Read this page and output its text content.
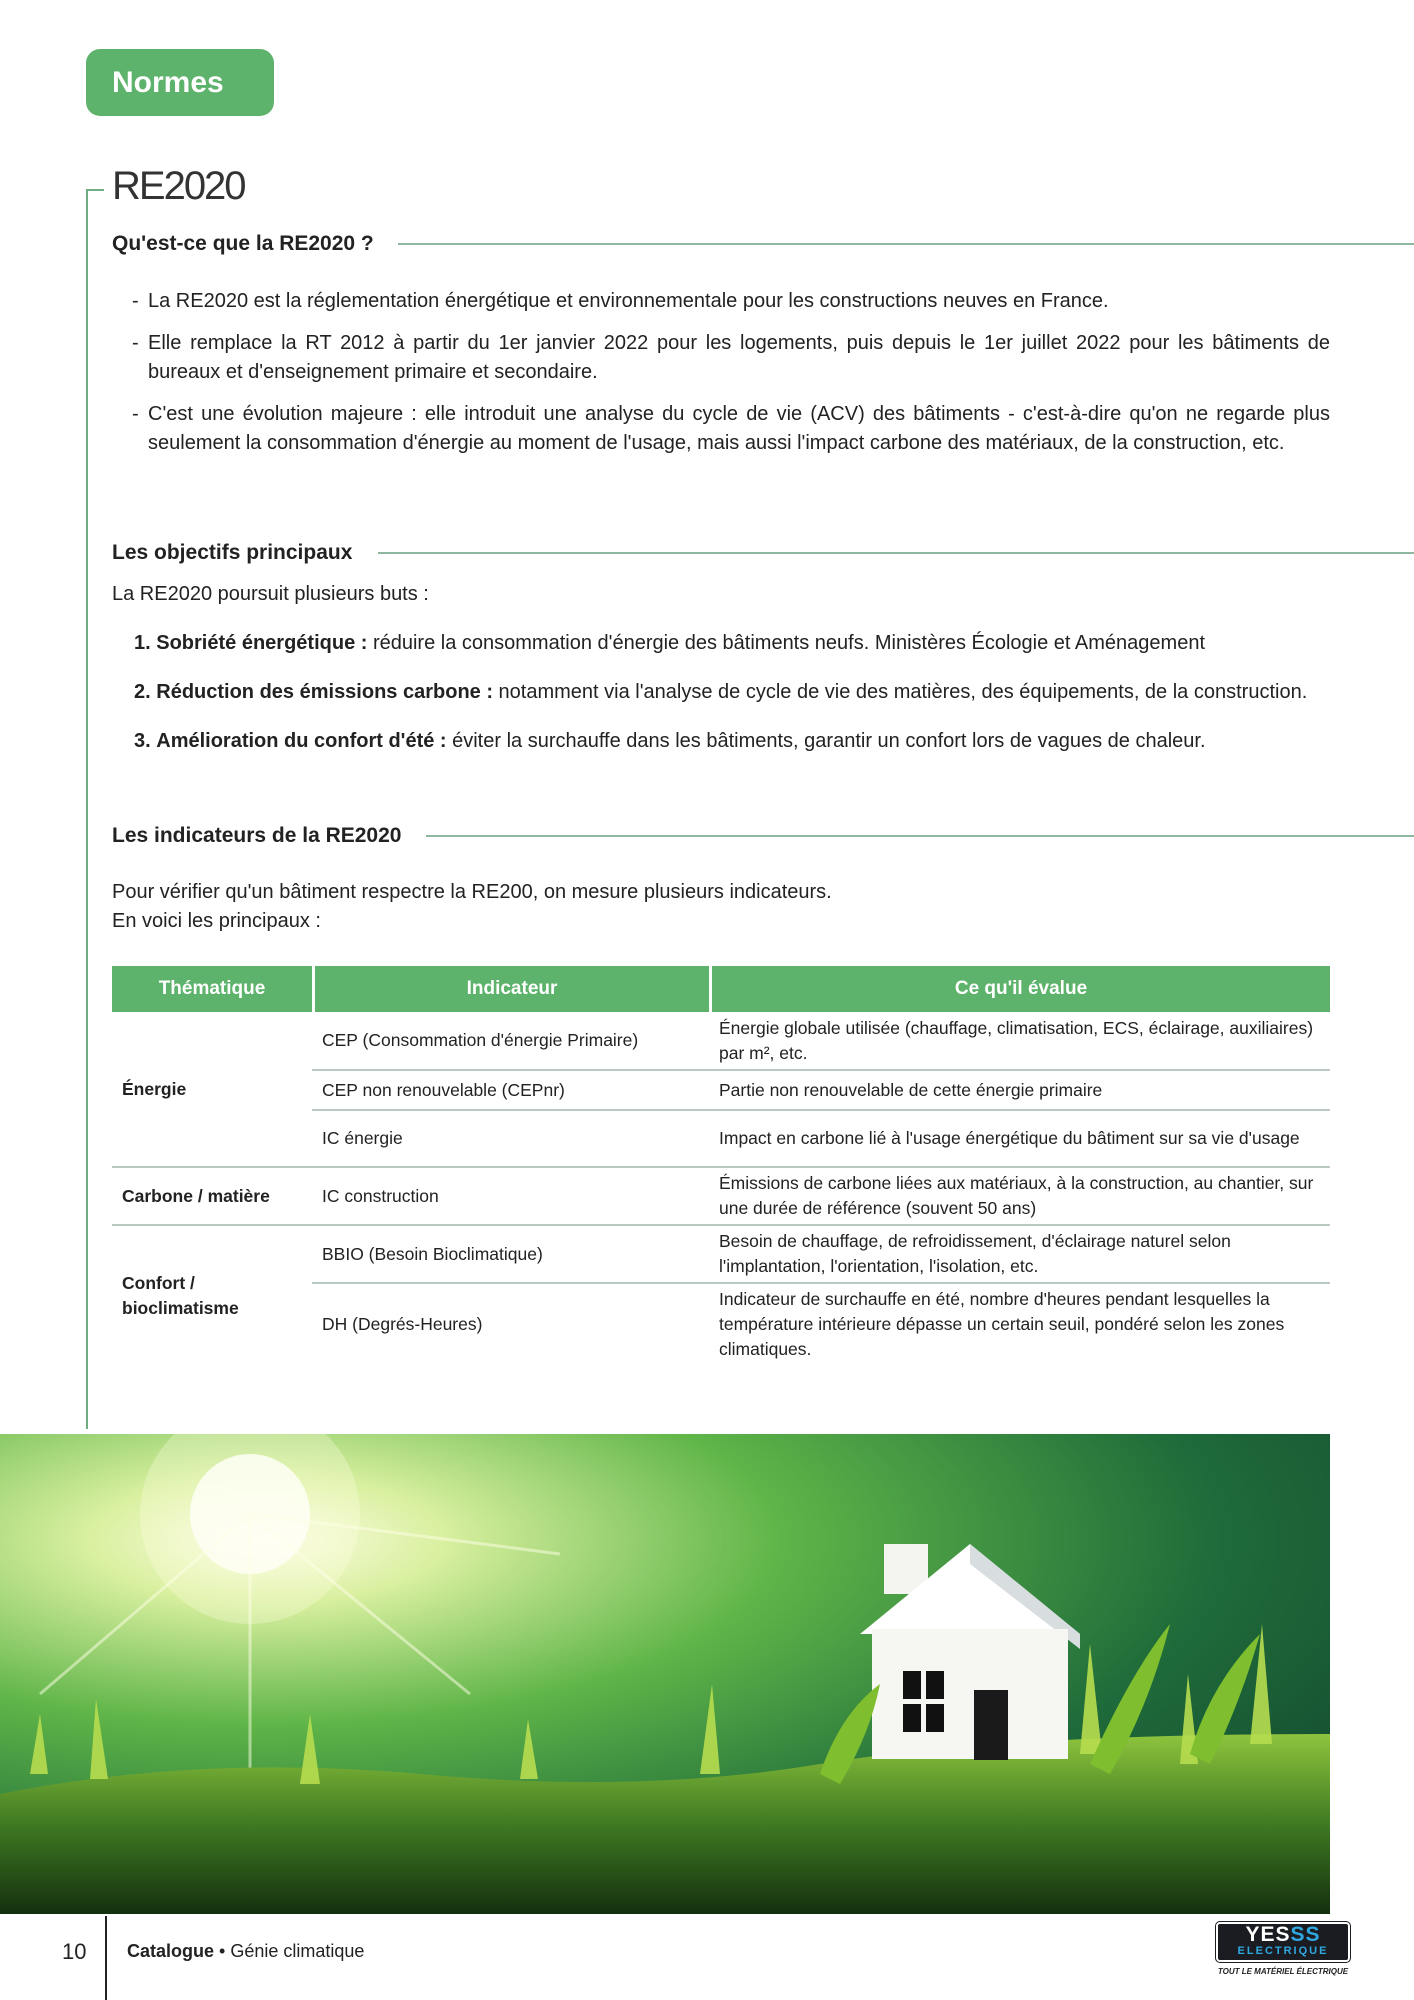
Normes
RE2020
Qu'est-ce que la RE2020 ?
- La RE2020 est la réglementation énergétique et environnementale pour les constructions neuves en France.
- Elle remplace la RT 2012 à partir du 1er janvier 2022 pour les logements, puis depuis le 1er juillet 2022 pour les bâtiments de bureaux et d'enseignement primaire et secondaire.
- C'est une évolution majeure : elle introduit une analyse du cycle de vie (ACV) des bâtiments - c'est-à-dire qu'on ne regarde plus seulement la consommation d'énergie au moment de l'usage, mais aussi l'impact carbone des matériaux, de la construction, etc.
Les objectifs principaux
La RE2020 poursuit plusieurs buts :
1. Sobriété énergétique : réduire la consommation d'énergie des bâtiments neufs. Ministères Écologie et Aménagement
2. Réduction des émissions carbone : notamment via l'analyse de cycle de vie des matières, des équipements, de la construction.
3. Amélioration du confort d'été : éviter la surchauffe dans les bâtiments, garantir un confort lors de vagues de chaleur.
Les indicateurs de la RE2020
Pour vérifier qu'un bâtiment respectre la RE200, on mesure plusieurs indicateurs.
En voici les principaux :
Thématique	Indicateur	Ce qu'il évalue
Énergie	CEP (Consommation d'énergie Primaire)	Énergie globale utilisée (chauffage, climatisation, ECS, éclairage, auxiliaires) par m², etc.
	CEP non renouvelable (CEPnr)	Partie non renouvelable de cette énergie primaire
	IC énergie	Impact en carbone lié à l'usage énergétique du bâtiment sur sa vie d'usage
Carbone / matière	IC construction	Émissions de carbone liées aux matériaux, à la construction, au chantier, sur une durée de référence (souvent 50 ans)
Confort / bioclimatisme	BBIO (Besoin Bioclimatique)	Besoin de chauffage, de refroidissement, d'éclairage naturel selon l'implantation, l'orientation, l'isolation, etc.
	DH (Degrés-Heures)	Indicateur de surchauffe en été, nombre d'heures pendant lesquelles la température intérieure dépasse un certain seuil, pondéré selon les zones climatiques.
10 Catalogue • Génie climatique
YESSS
ELECTRIQUE
TOUT LE MATÉRIEL ÉLECTRIQUE
